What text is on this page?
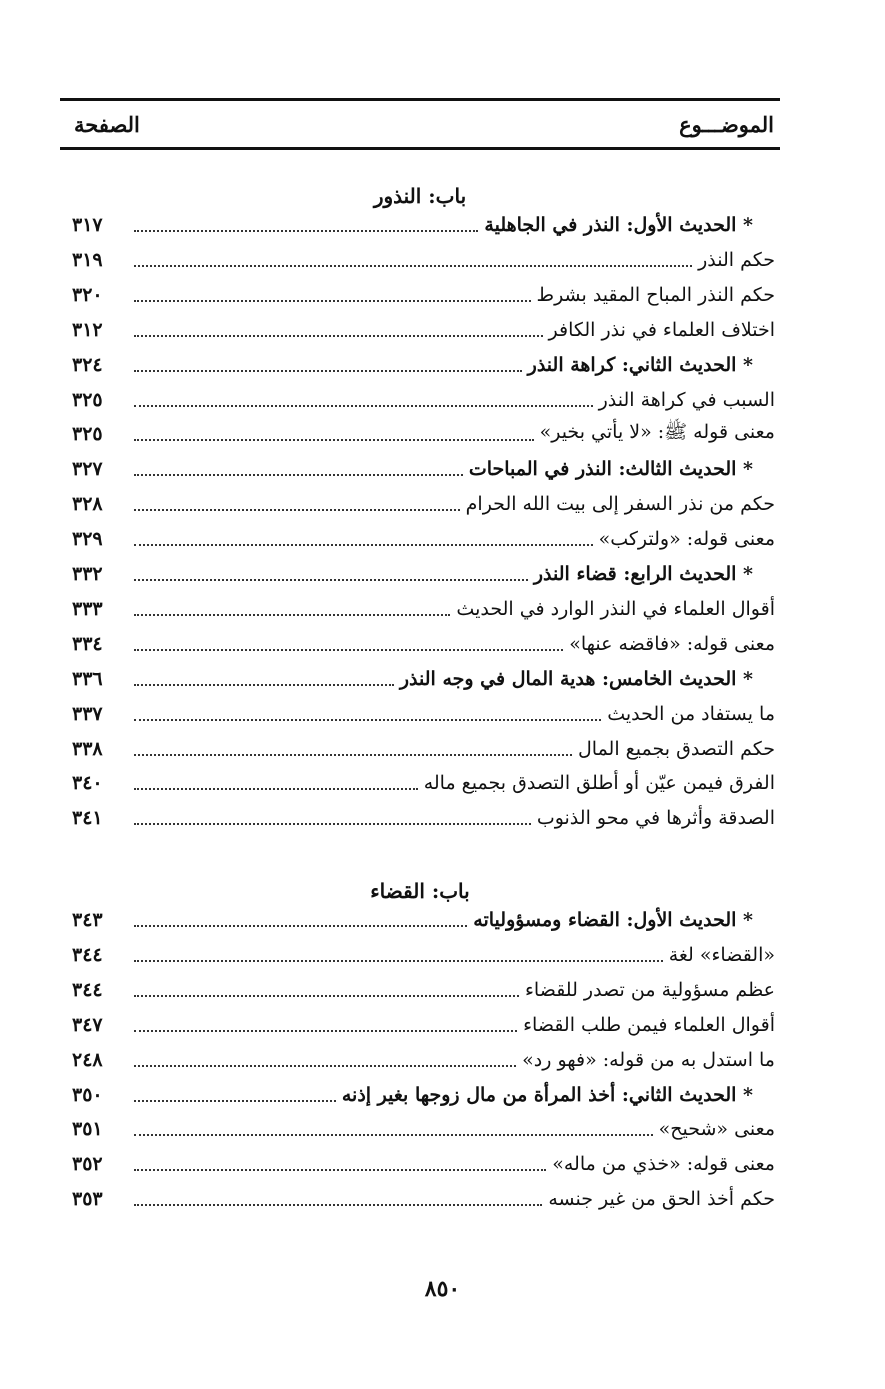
الموضـــوع
الصفحة
باب: النذور
* الحديث الأول: النذر في الجاهلية
٣١٧
حكم النذر
٣١٩
حكم النذر المباح المقيد بشرط
٣٢٠
اختلاف العلماء في نذر الكافر
٣١٢
* الحديث الثاني: كراهة النذر
٣٢٤
السبب في كراهة النذر
٣٢٥
معنى قوله ﷺ: «لا يأتي بخير»
٣٢٥
* الحديث الثالث: النذر في المباحات
٣٢٧
حكم من نذر السفر إلى بيت الله الحرام
٣٢٨
معنى قوله: «ولتركب»
٣٢٩
* الحديث الرابع: قضاء النذر
٣٣٢
أقوال العلماء في النذر الوارد في الحديث
٣٣٣
معنى قوله: «فاقضه عنها»
٣٣٤
* الحديث الخامس: هدية المال في وجه النذر
٣٣٦
ما يستفاد من الحديث
٣٣٧
حكم التصدق بجميع المال
٣٣٨
الفرق فيمن عيّن أو أطلق التصدق بجميع ماله
٣٤٠
الصدقة وأثرها في محو الذنوب
٣٤١
باب: القضاء
* الحديث الأول: القضاء ومسؤولياته
٣٤٣
«القضاء» لغة
٣٤٤
عظم مسؤولية من تصدر للقضاء
٣٤٤
أقوال العلماء فيمن طلب القضاء
٣٤٧
ما استدل به من قوله: «فهو رد»
٢٤٨
* الحديث الثاني: أخذ المرأة من مال زوجها بغير إذنه
٣٥٠
معنى «شحيح»
٣٥١
معنى قوله: «خذي من ماله»
٣٥٢
حكم أخذ الحق من غير جنسه
٣٥٣
٨٥٠
